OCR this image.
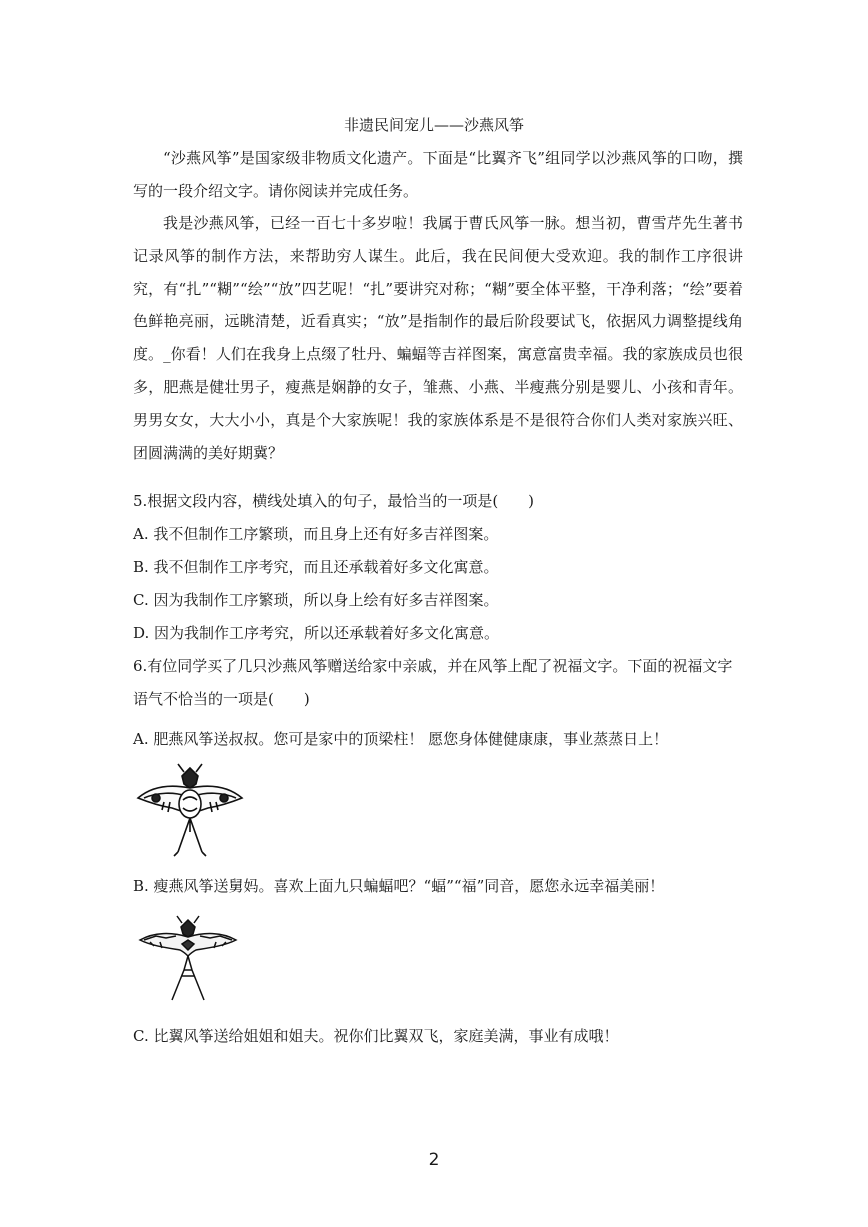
非遗民间宠儿——沙燕风筝
“沙燕风筝”是国家级非物质文化遗产。下面是“比翼齐飞”组同学以沙燕风筝的口吻，撰写的一段介绍文字。请你阅读并完成任务。
我是沙燕风筝，已经一百七十多岁啦！我属于曹氏风筝一脉。想当初，曹雪芹先生著书记录风筝的制作方法，来帮助穷人谋生。此后，我在民间便大受欢迎。我的制作工序很讲究，有“扎”“糊”“绘”“放”四艺呢！“扎”要讲究对称；“糊”要全体平整，干净利落；“绘”要着色鲜艳亮丽，远眺清楚，近看真实；“放”是指制作的最后阶段要试飞，依据风力调整提线角度。_你看！人们在我身上点缀了牡丹、蝙蝠等吉祥图案，寓意富贵幸福。我的家族成员也很多，肥燕是健壮男子，瘦燕是娴静的女子，雏燕、小燕、半瘦燕分别是婴儿、小孩和青年。男男女女，大大小小，真是个大家族呢！我的家族体系是不是很符合你们人类对家族兴旺、团圆满满的美好期冀？
5.根据文段内容，横线处填入的句子，最恰当的一项是(　　)
A. 我不但制作工序繁琐，而且身上还有好多吉祥图案。
B. 我不但制作工序考究，而且还承载着好多文化寓意。
C. 因为我制作工序繁琐，所以身上绘有好多吉祥图案。
D. 因为我制作工序考究，所以还承载着好多文化寓意。
6.有位同学买了几只沙燕风筝赠送给家中亲戚，并在风筝上配了祝福文字。下面的祝福文字语气不恰当的一项是(　　)
A. 肥燕风筝送叔叔。您可是家中的顶梁柱！ 愿您身体健健康康，事业蒸蒸日上！
B. 瘦燕风筝送舅妈。喜欢上面九只蝙蝠吧？“蝠”“福”同音，愿您永远幸福美丽！
C. 比翼风筝送给姐姐和姐夫。祝你们比翼双飞，家庭美满，事业有成哦！
2
